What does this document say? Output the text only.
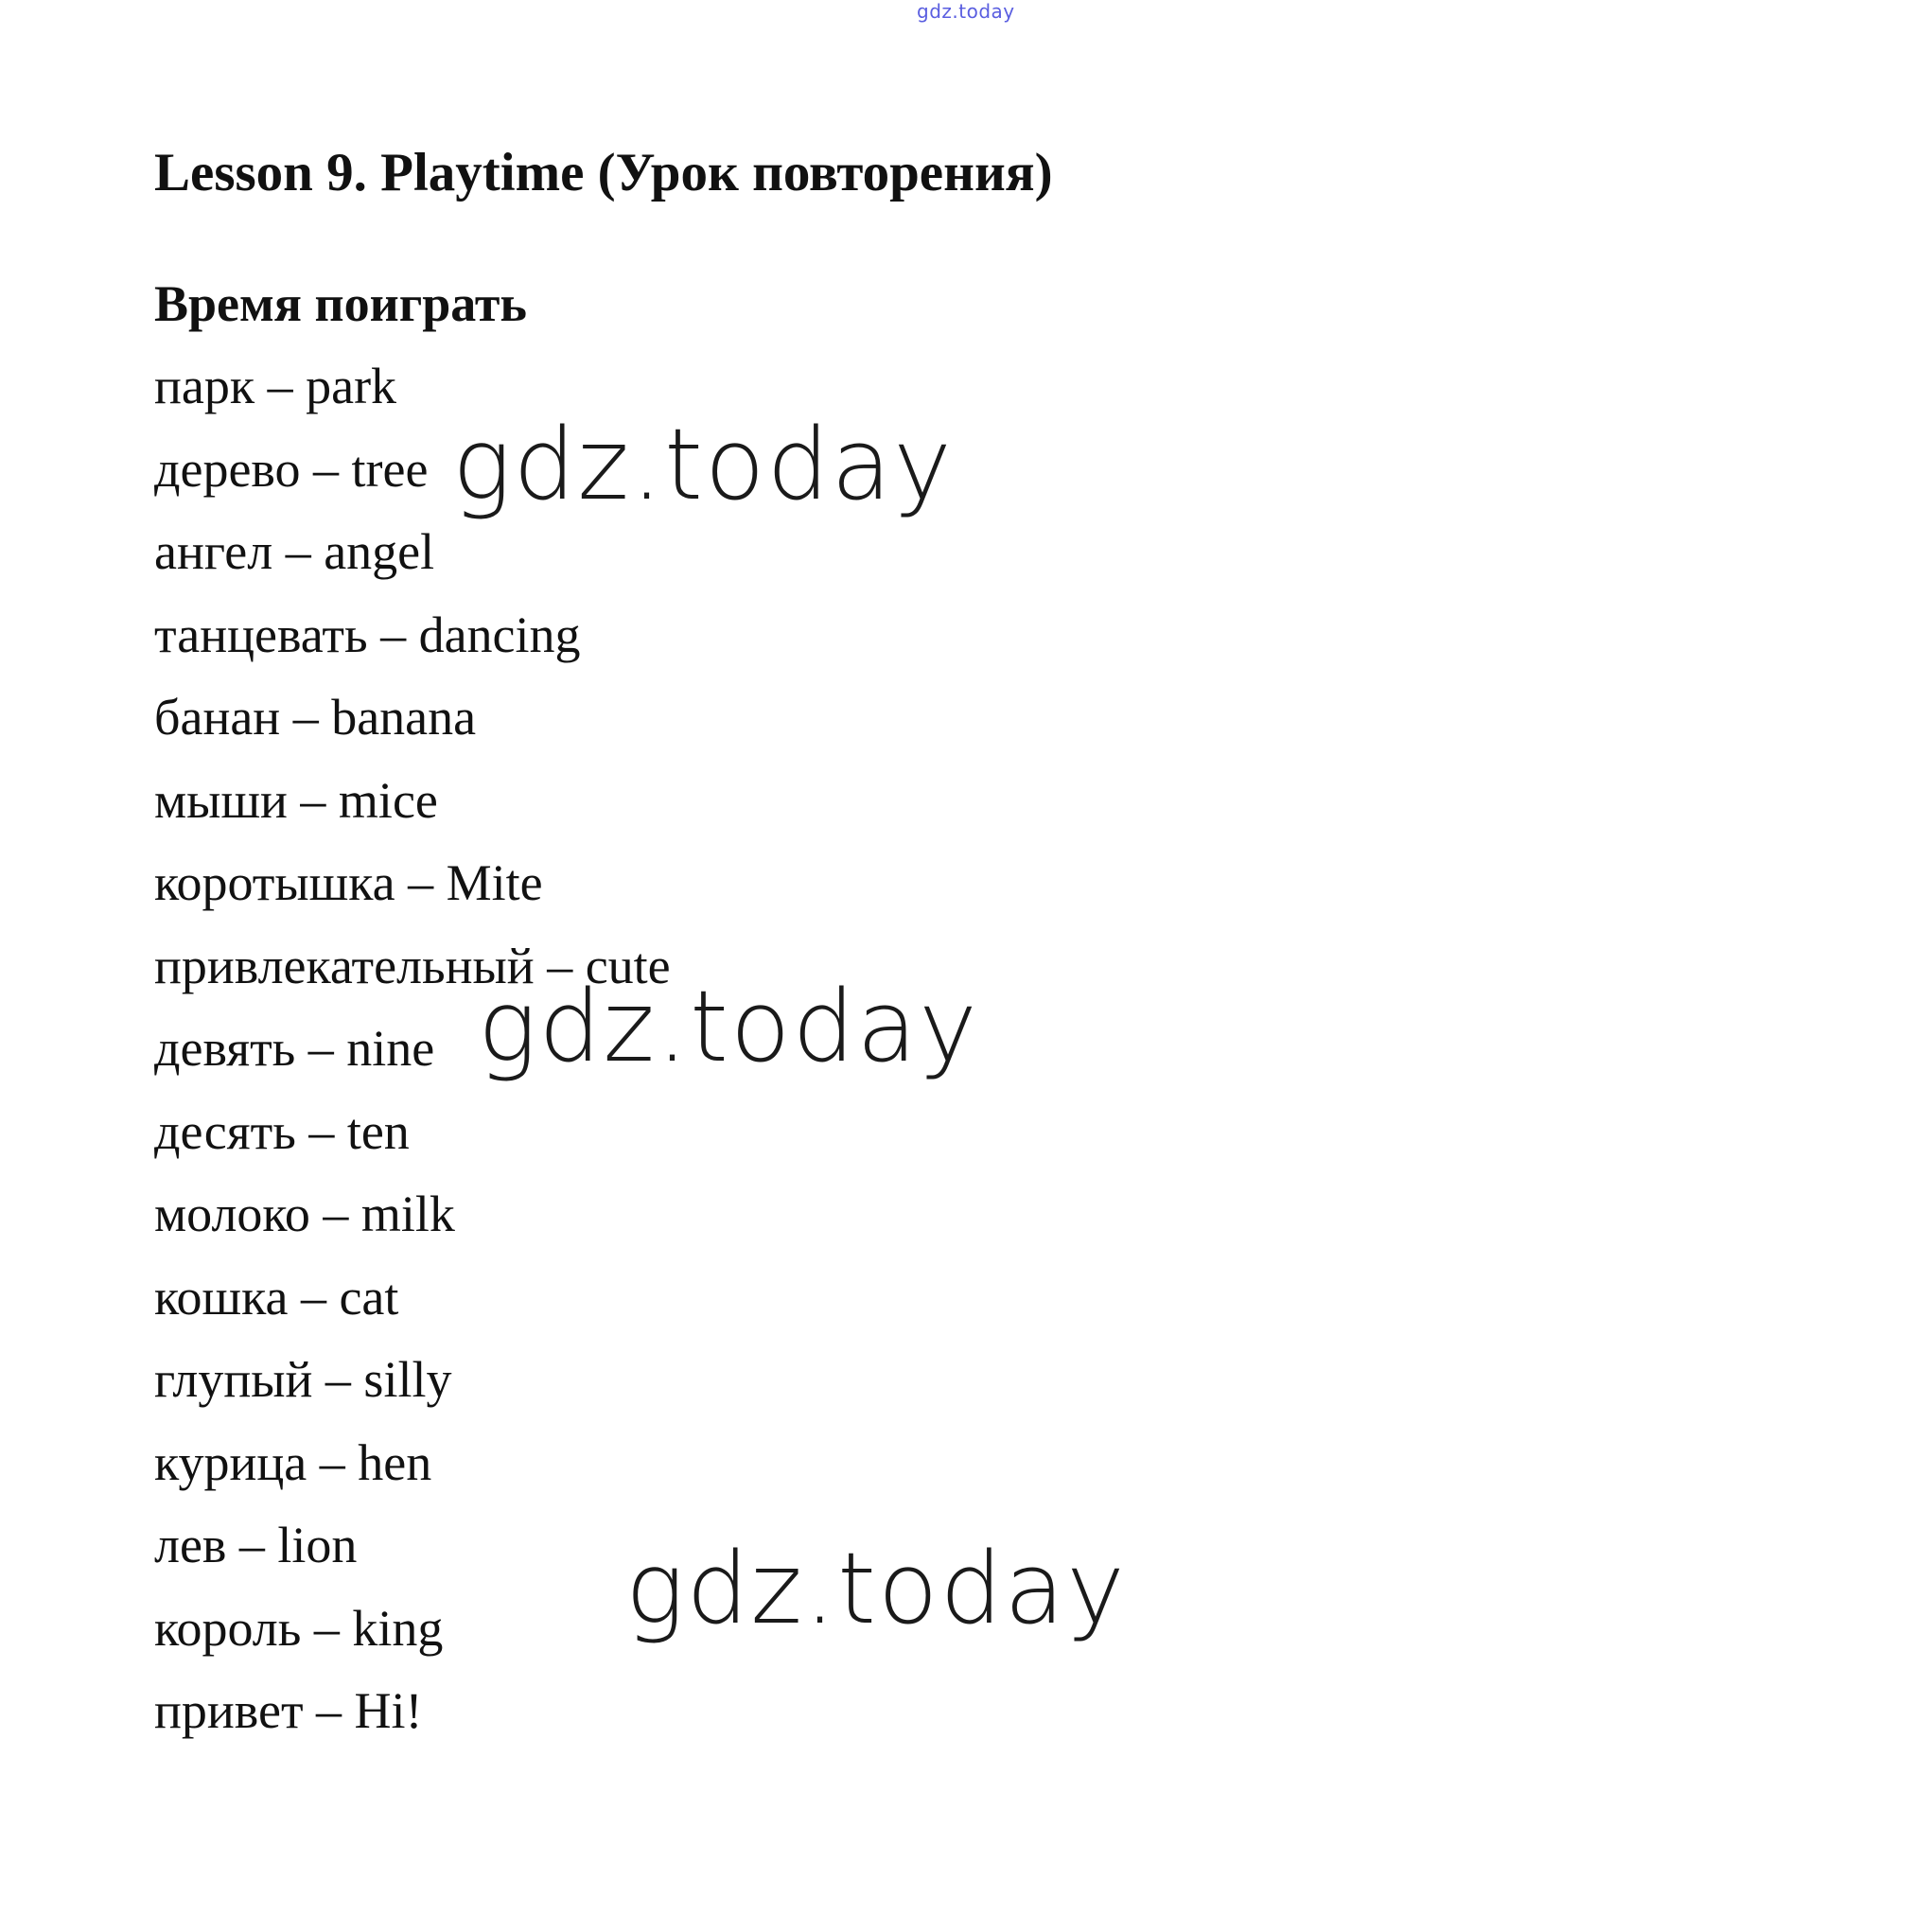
gdz.today
Lesson 9. Playtime (Урок повторения)
Время поиграть
парк – park
дерево – tree
ангел – angel
танцевать – dancing
банан – banana
мыши – mice
коротышка – Mite
привлекательный – cute
девять – nine
десять – ten
молоко – milk
кошка – cat
глупый – silly
курица – hen
лев – lion
король – king
привет – Hi!
gdz.today
gdz.today
gdz.today
